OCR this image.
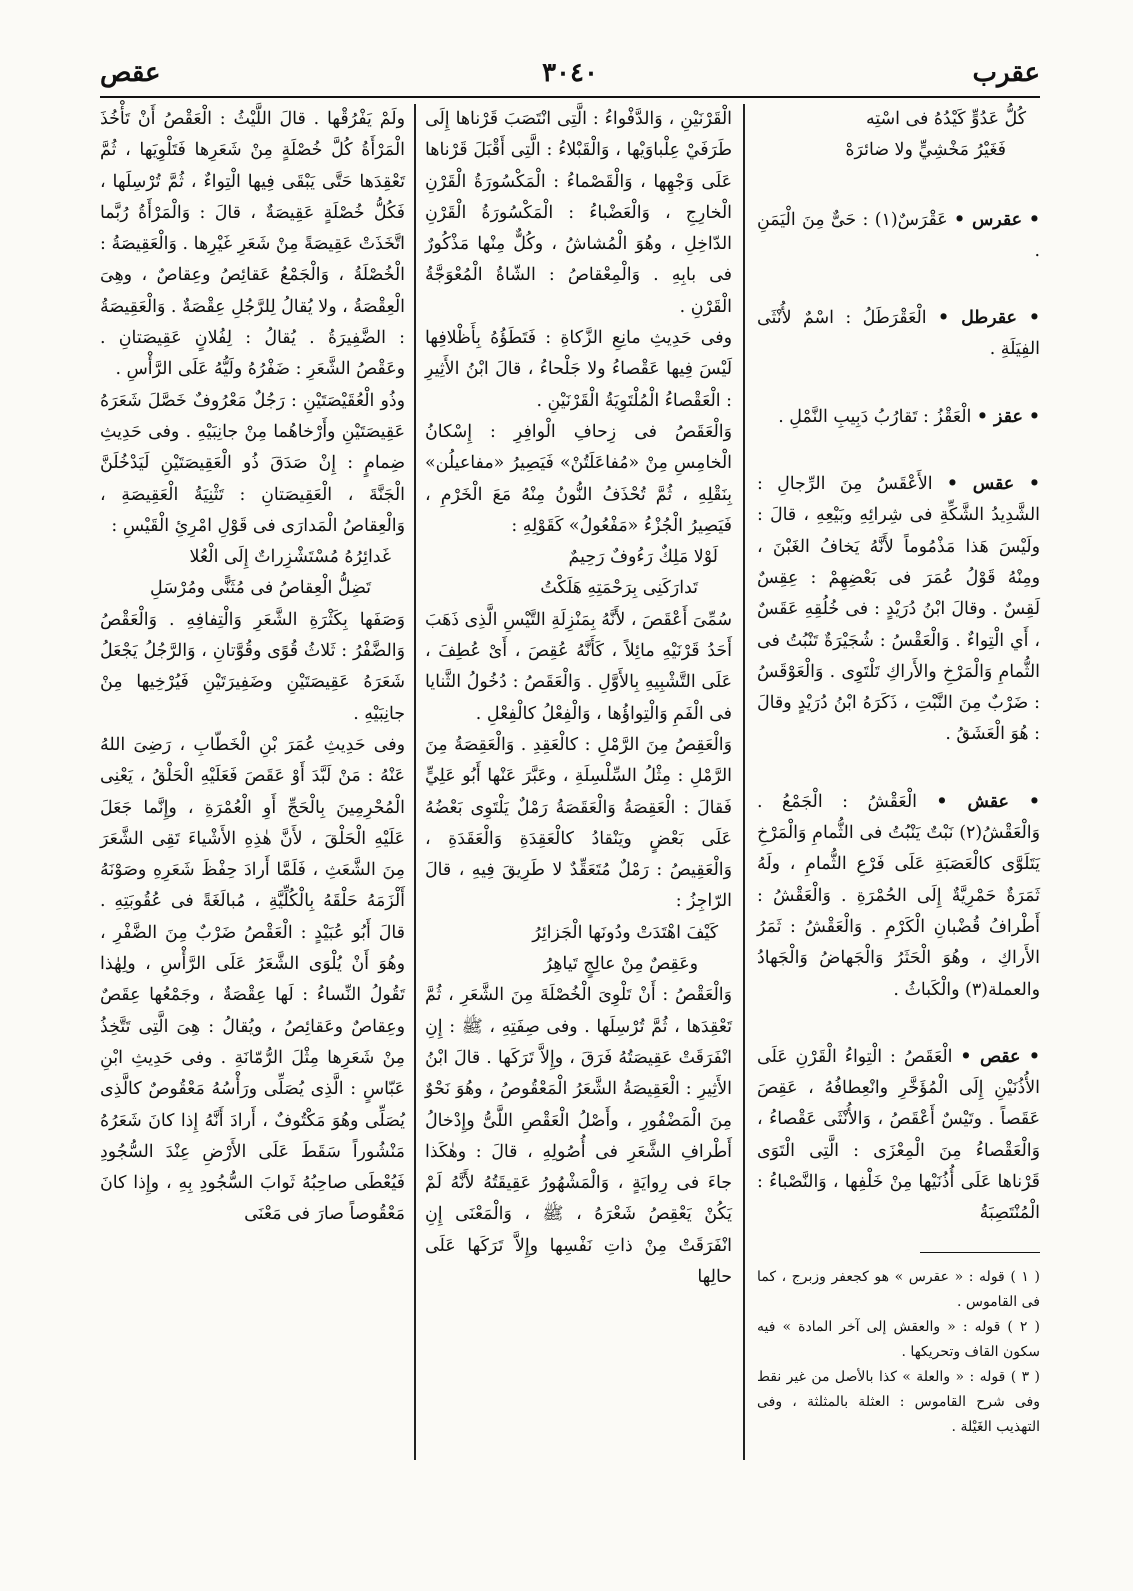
عقرب
٣٠٤٠
عقص
كُلُّ عَدُوٍّ كَيْدُهُ فى اسْتِه
فَغَيْرُ مَخْشِيٍّ ولا ضائرَهْ

• عقرس • عَقْرَسٌ(١) : حَىٌّ مِنَ الْيَمَنِ .

• عقرطل • الْعَقْرَطَلُ : اسْمٌ لأُنْثَى الفِيَلَةِ .

• عقز • الْعَقْزُ : تَقارُبُ دَبِيبِ النَّمْلِ .

• عقس • الأَعْقَسُ مِنَ الرِّجالِ : الشَّدِيدُ الشَّكِّةِ فى شِرائِهِ وبَيْعِهِ ، قالَ : ولَيْسَ هَذا مَذْمُوماً لأَنَّهُ يَخافُ الغَبْنَ ، ومِنْهُ قَوْلُ عُمَرَ فى بَعْضِهِمْ : عِقِسٌ لَقِسٌ . وقالَ ابْنُ دُرَيْدٍ : فى خُلُقِهِ عَقَسٌ ، أَي الْتِواءٌ . وَالْعَقْسُ : شُجَيْرَةٌ تَنْبُتُ فى الثُّمامِ وَالْمَرْخِ والأَراكِ تَلْتَوِى . وَالْعَوْقَسُ : ضَرْبٌ مِنَ النَّبْتِ ، ذَكَرَهُ ابْنُ دُرَيْدٍ وقالَ : هُوَ الْعَشَقُ .

• عقش • الْعَقْشُ : الْجَمْعُ . وَالْعَقْشُ(٢) نَبْتٌ يَنْبُتُ فى الثُّمامِ وَالْمَرْخِ يَتَلَوَّى كالْعَصَبَةِ عَلَى فَرْعِ الثُّمامِ ، ولَهُ ثَمَرَةٌ حَمْرِيَّةٌ إِلَى الحُمْرَةِ . وَالْعَقْشُ : أَطْرافُ قُضْبانِ الْكَرْمِ . وَالْعَقْشُ : ثَمَرُ الأَراكِ ، وهُوَ الْحَثَرُ وَالْجَهاضُ وَالْجَهادُ والعملة(٣) والْكَباثُ .

• عقص • الْعَقَصُ : الْتِواءُ الْقَرْنِ عَلَى الأُذُنَيْنِ إِلَى الْمُؤَخَّرِ وانْعِطافُهُ ، عَقِصَ عَقَصاً . وتَيْسٌ أَعْقَصُ ، وَالأُنْثَى عَقْصاءُ ، وَالْعَقْصاءُ مِنَ الْمِعْزَى : الَّتِى الْتَوَى قَرْناها عَلَى أُذُنَيْها مِنْ خَلْفِها ، وَالنَّصْباءُ : الْمُنْتَصِبَةُ

( ١ ) قوله : « عقرس » هو كجعفر وزبرج ، كما فى القاموس .

( ٢ ) قوله : « والعقش إلى آخر المادة » فيه سكون القاف وتحريكها .

( ٣ ) قوله : « والعلة » كذا بالأصل من غير نقط وفى شرح القاموس : العثلة بالمثلثة ، وفى التهذيب الغَيْلة .

الْقَرْنَيْنِ ، وَالدَّفْواءُ : الَّتِى انْتَصَبَ قَرْناها إِلَى طَرَفَيْ عِلْباوَيْها ، وَالْقَبْلاءُ : الَّتِى أَقْبَلَ قَرْناها عَلَى وَجْهِها ، وَالْقَصْماءُ : الْمَكْسُورَةُ الْقَرْنِ الْخارِجِ ، وَالْعَضْباءُ : الْمَكْسُورَةُ الْقَرْنِ الدّاخِلِ ، وهُوَ الْمُشاشُ ، وكُلٌّ مِنْها مَذْكُورٌ فى بابِهِ . وَالْمِعْقاصُ : الشّاةُ الْمُعْوَجَّةُ الْقَرْنِ .

وفى حَدِيثِ مانِعِ الزَّكاةِ : فَتَطَؤُهُ بِأَظْلافِها لَيْسَ فِيها عَقْصاءُ ولا جَلْحاءُ ، قالَ ابْنُ الأَثِيرِ : الْعَقْصاءُ الْمُلْتَوِيَةُ الْقَرْنَيْنِ .

وَالْعَقَصُ فى زِحافِ الْوافِرِ : إِسْكانُ الْخامِسِ مِنْ «مُفاعَلَتُنْ» فَيَصِيرُ «مفاعيلُن» بِنَقْلِهِ ، ثُمَّ تُحْذَفُ النُّونُ مِنْهُ مَعَ الْخَرْمِ ، فَيَصِيرُ الْجُزْءُ «مَفْعُولُ» كَقَوْلِهِ :

لَوْلا مَلِكٌ رَءُوفٌ رَحِيمٌ
تَدارَكَنِى بِرَحْمَتِهِ هَلَكْتُ

سُمِّىَ أَعْقَصَ ، لأَنَّهُ بِمَنْزِلَةِ التَّيْسِ الَّذِى ذَهَبَ أَحَدُ قَرْنَيْهِ مائِلاً ، كَأَنَّهُ عُقِصَ ، أَىْ عُطِفَ ، عَلَى التَّشْبِيهِ بِالأَوَّلِ . وَالْعَقَصُ : دُخُولُ الثَّنايا فى الْفَمِ وَالْتِواؤُها ، وَالْفِعْلُ كالْفِعْلِ .

وَالْعَقِصُ مِنَ الرَّمْلِ : كالْعَقِدِ . وَالْعَقِصَةُ مِنَ الرَّمْلِ : مِثْلُ السِّلْسِلَةِ ، وعَبَّرَ عَنْها أَبُو عَلِيٍّ فَقالَ : الْعَقِصَةُ وَالْعَقَصَةُ رَمْلٌ يَلْتَوِى بَعْضُهُ عَلَى بَعْضٍ ويَنْقادُ كالْعَقِدَةِ وَالْعَقَدَةِ ، وَالْعَقِيصُ : رَمْلٌ مُتَعَقِّدٌ لا طَرِيقَ فِيهِ ، قالَ الرّاجِزُ :

كَيْفَ اهْتَدَتْ ودُونَها الْجَزائِرُ
وعَقِصٌ مِنْ عالِجٍ تَياهِرُ

وَالْعَقْصُ : أَنْ تَلْوِىَ الْخُصْلَةَ مِنَ الشَّعَرِ ، ثُمَّ تَعْقِدَها ، ثُمَّ تُرْسِلَها . وفى صِفَتِهِ ، ﷺ : إِنِ انْفَرَقَتْ عَقِيصَتُهُ فَرَقَ ، وإِلاَّ تَرَكَها . قالَ ابْنُ الأَثِيرِ : الْعَقِيصَةُ الشَّعَرُ الْمَعْقُوصُ ، وهُوَ نَحْوٌ مِنَ الْمَضْفُورِ ، وأَصْلُ الْعَقْصِ اللَّىُّ وإِدْخالُ أَطْرافِ الشَّعَرِ فى أُصُولِهِ ، قالَ : وهٰكَذا جاءَ فى رِوايَةٍ ، وَالْمَشْهُورُ عَقِيقَتُهُ لأَنَّهُ لَمْ يَكُنْ يَعْقِصُ شَعْرَهُ ، ﷺ ، وَالْمَعْنَى إِنِ انْفَرَقَتْ مِنْ ذاتِ نَفْسِها وإِلاَّ تَرَكَها عَلَى حالِها

ولَمْ يَفْرُقْها . قالَ اللَّيْثُ : الْعَقْصُ أَنْ تَأْخُذَ الْمَرْأَةُ كُلَّ خُصْلَةٍ مِنْ شَعَرِها فَتَلْوِيَها ، ثُمَّ تَعْقِدَها حَتَّى يَبْقَى فِيها الْتِواءٌ ، ثُمَّ تُرْسِلَها ، فَكُلُّ خُصْلَةٍ عَقِيصَةٌ ، قالَ : وَالْمَرْأَةُ رُبَّما اتَّخَذَتْ عَقِيصَةً مِنْ شَعَرِ غَيْرِها . وَالْعَقِيصَةُ : الْخُصْلَةُ ، وَالْجَمْعُ عَقائِصُ وعِقاصٌ ، وهِىَ الْعِقْصَةُ ، ولا يُقالُ لِلرَّجُلِ عِقْصَةٌ . وَالْعَقِيصَةُ : الضَّفِيرَةُ . يُقالُ : لِفُلانٍ عَقِيصَتانِ . وعَقْصُ الشَّعَرِ : ضَفْرُهُ ولَيُّهُ عَلَى الرَّأْسِ .

وذُو الْعُقَيْصَتَيْنِ : رَجُلٌ مَعْرُوفٌ خَصَّلَ شَعَرَهُ عَقِيصَتَيْنِ وأَرْخاهُما مِنْ جانِبَيْهِ . وفى حَدِيثِ ضِمامٍ : إِنْ صَدَقَ ذُو الْعَقِيصَتَيْنِ لَيَدْخُلَنَّ الْجَنَّةَ ، الْعَقِيصَتانِ : تَثْنِيَةُ الْعَقِيصَةِ ، وَالْعِقاصُ الْمَدارَى فى قَوْلِ امْرِئِ الْقَيْسِ :

غَدائِرُهُ مُسْتَشْزِراتٌ إِلَى الْعُلا
تَضِلُّ الْعِقاصُ فى مُثَنًّى ومُرْسَلِ

وَصَفَها بِكَثْرَةِ الشَّعَرِ وَالْتِفافِهِ . وَالْعَقْصُ وَالضَّفْرُ : ثَلاثُ قُوًى وقُوَّتانِ ، وَالرَّجُلُ يَجْعَلُ شَعَرَهُ عَقِيصَتَيْنِ وضَفِيرَتَيْنِ فَيُرْخِيها مِنْ جانِبَيْهِ .

وفى حَدِيثِ عُمَرَ بْنِ الْخَطّابِ ، رَضِىَ اللهُ عَنْهُ : مَنْ لَبَّدَ أَوْ عَقَصَ فَعَلَيْهِ الْحَلْقُ ، يَعْنِى الْمُحْرِمِينَ بِالْحَجِّ أَوِ الْعُمْرَةِ ، وإِنَّما جَعَلَ عَلَيْهِ الْحَلْقَ ، لأَنَّ هٰذِهِ الأَشْياءَ تَقِى الشَّعَرَ مِنَ الشَّعَثِ ، فَلَمَّا أَرادَ حِفْظَ شَعَرِهِ وصَوْنَهُ أَلْزَمَهُ حَلْقَهُ بِالْكُلِّيَّةِ ، مُبالَغَةً فى عُقُوبَتِهِ . قالَ أَبُو عُبَيْدٍ : الْعَقْصُ ضَرْبٌ مِنَ الضَّفْرِ ، وهُوَ أَنْ يُلْوَى الشَّعَرُ عَلَى الرَّأْسِ ، ولِهٰذا تَقُولُ النِّساءُ : لَها عِقْصَةٌ ، وجَمْعُها عِقَصٌ وعِقاصٌ وعَقائِصُ ، ويُقالُ : هِىَ الَّتِى تَتَّخِذُ مِنْ شَعَرِها مِثْلَ الرُّمّانَةِ . وفى حَدِيثِ ابْنِ عَبّاسٍ : الَّذِى يُصَلِّى ورَأْسُهُ مَعْقُوصٌ كالَّذِى يُصَلِّى وهُوَ مَكْتُوفٌ ، أَرادَ أَنَّهُ إِذا كانَ شَعَرُهُ مَنْشُوراً سَقَطَ عَلَى الأَرْضِ عِنْدَ السُّجُودِ فَيُعْطَى صاحِبُهُ ثَوابَ السُّجُودِ بِهِ ، وإِذا كانَ مَعْقُوصاً صارَ فى مَعْنَى
